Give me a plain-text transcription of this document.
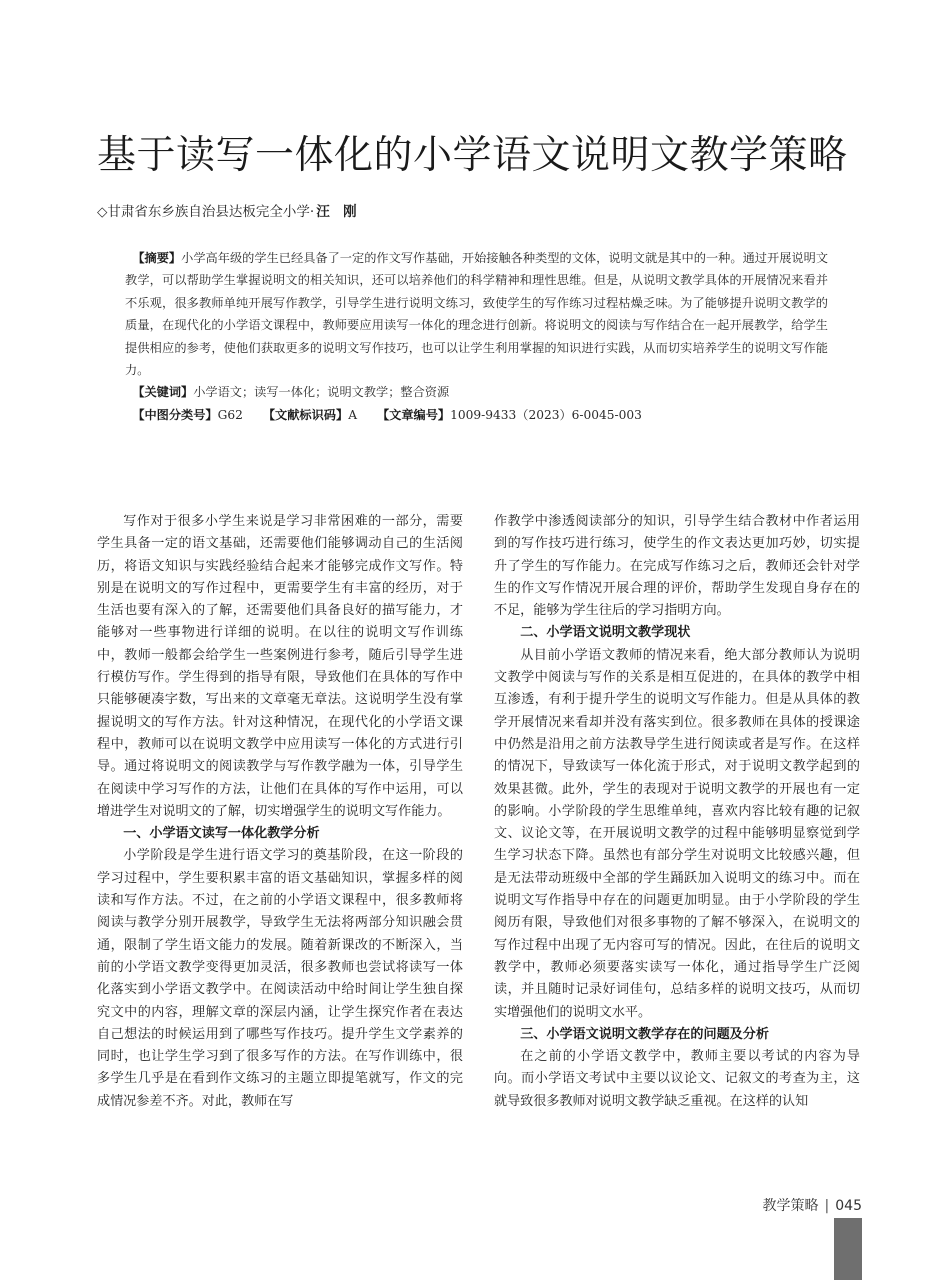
基于读写一体化的小学语文说明文教学策略
◇甘肃省东乡族自治县达板完全小学· 汪　刚

【摘要】小学高年级的学生已经具备了一定的作文写作基础，开始接触各种类型的文体，说明文就是其中的一种。通过开展说明文教学，可以帮助学生掌握说明文的相关知识，还可以培养他们的科学精神和理性思维。但是，从说明文教学具体的开展情况来看并不乐观，很多教师单纯开展写作教学，引导学生进行说明文练习，致使学生的写作练习过程枯燥乏味。为了能够提升说明文教学的质量，在现代化的小学语文课程中，教师要应用读写一体化的理念进行创新。将说明文的阅读与写作结合在一起开展教学，给学生提供相应的参考，使他们获取更多的说明文写作技巧，也可以让学生利用掌握的知识进行实践，从而切实培养学生的说明文写作能力。

【关键词】小学语文；读写一体化；说明文教学；整合资源

【中图分类号】G62 【文献标识码】A 【文章编号】1009-9433（2023）6-0045-003

写作对于很多小学生来说是学习非常困难的一部分，需要学生具备一定的语文基础，还需要他们能够调动自己的生活阅历，将语文知识与实践经验结合起来才能够完成作文写作。特别是在说明文的写作过程中，更需要学生有丰富的经历，对于生活也要有深入的了解，还需要他们具备良好的描写能力，才能够对一些事物进行详细的说明。在以往的说明文写作训练中，教师一般都会给学生一些案例进行参考，随后引导学生进行模仿写作。学生得到的指导有限，导致他们在具体的写作中只能够硬凑字数，写出来的文章毫无章法。这说明学生没有掌握说明文的写作方法。针对这种情况，在现代化的小学语文课程中，教师可以在说明文教学中应用读写一体化的方式进行引导。通过将说明文的阅读教学与写作教学融为一体，引导学生在阅读中学习写作的方法，让他们在具体的写作中运用，可以增进学生对说明文的了解，切实增强学生的说明文写作能力。

一、小学语文读写一体化教学分析

小学阶段是学生进行语文学习的奠基阶段，在这一阶段的学习过程中，学生要积累丰富的语文基础知识，掌握多样的阅读和写作方法。不过，在之前的小学语文课程中，很多教师将阅读与教学分别开展教学，导致学生无法将两部分知识融会贯通，限制了学生语文能力的发展。随着新课改的不断深入，当前的小学语文教学变得更加灵活，很多教师也尝试将读写一体化落实到小学语文教学中。在阅读活动中给时间让学生独自探究文中的内容，理解文章的深层内涵，让学生探究作者在表达自己想法的时候运用到了哪些写作技巧。提升学生文学素养的同时，也让学生学习到了很多写作的方法。在写作训练中，很多学生几乎是在看到作文练习的主题立即提笔就写，作文的完成情况参差不齐。对此，教师在写

作教学中渗透阅读部分的知识，引导学生结合教材中作者运用到的写作技巧进行练习，使学生的作文表达更加巧妙，切实提升了学生的写作能力。在完成写作练习之后，教师还会针对学生的作文写作情况开展合理的评价，帮助学生发现自身存在的不足，能够为学生往后的学习指明方向。

二、小学语文说明文教学现状

从目前小学语文教师的情况来看，绝大部分教师认为说明文教学中阅读与写作的关系是相互促进的，在具体的教学中相互渗透，有利于提升学生的说明文写作能力。但是从具体的教学开展情况来看却并没有落实到位。很多教师在具体的授课途中仍然是沿用之前方法教导学生进行阅读或者是写作。在这样的情况下，导致读写一体化流于形式，对于说明文教学起到的效果甚微。此外，学生的表现对于说明文教学的开展也有一定的影响。小学阶段的学生思维单纯，喜欢内容比较有趣的记叙文、议论文等，在开展说明文教学的过程中能够明显察觉到学生学习状态下降。虽然也有部分学生对说明文比较感兴趣，但是无法带动班级中全部的学生踊跃加入说明文的练习中。而在说明文写作指导中存在的问题更加明显。由于小学阶段的学生阅历有限，导致他们对很多事物的了解不够深入，在说明文的写作过程中出现了无内容可写的情况。因此，在往后的说明文教学中，教师必须要落实读写一体化，通过指导学生广泛阅读，并且随时记录好词佳句，总结多样的说明文技巧，从而切实增强他们的说明文水平。

三、小学语文说明文教学存在的问题及分析

在之前的小学语文教学中，教师主要以考试的内容为导向。而小学语文考试中主要以议论文、记叙文的考查为主，这就导致很多教师对说明文教学缺乏重视。在这样的认知

教学策略 | 045
